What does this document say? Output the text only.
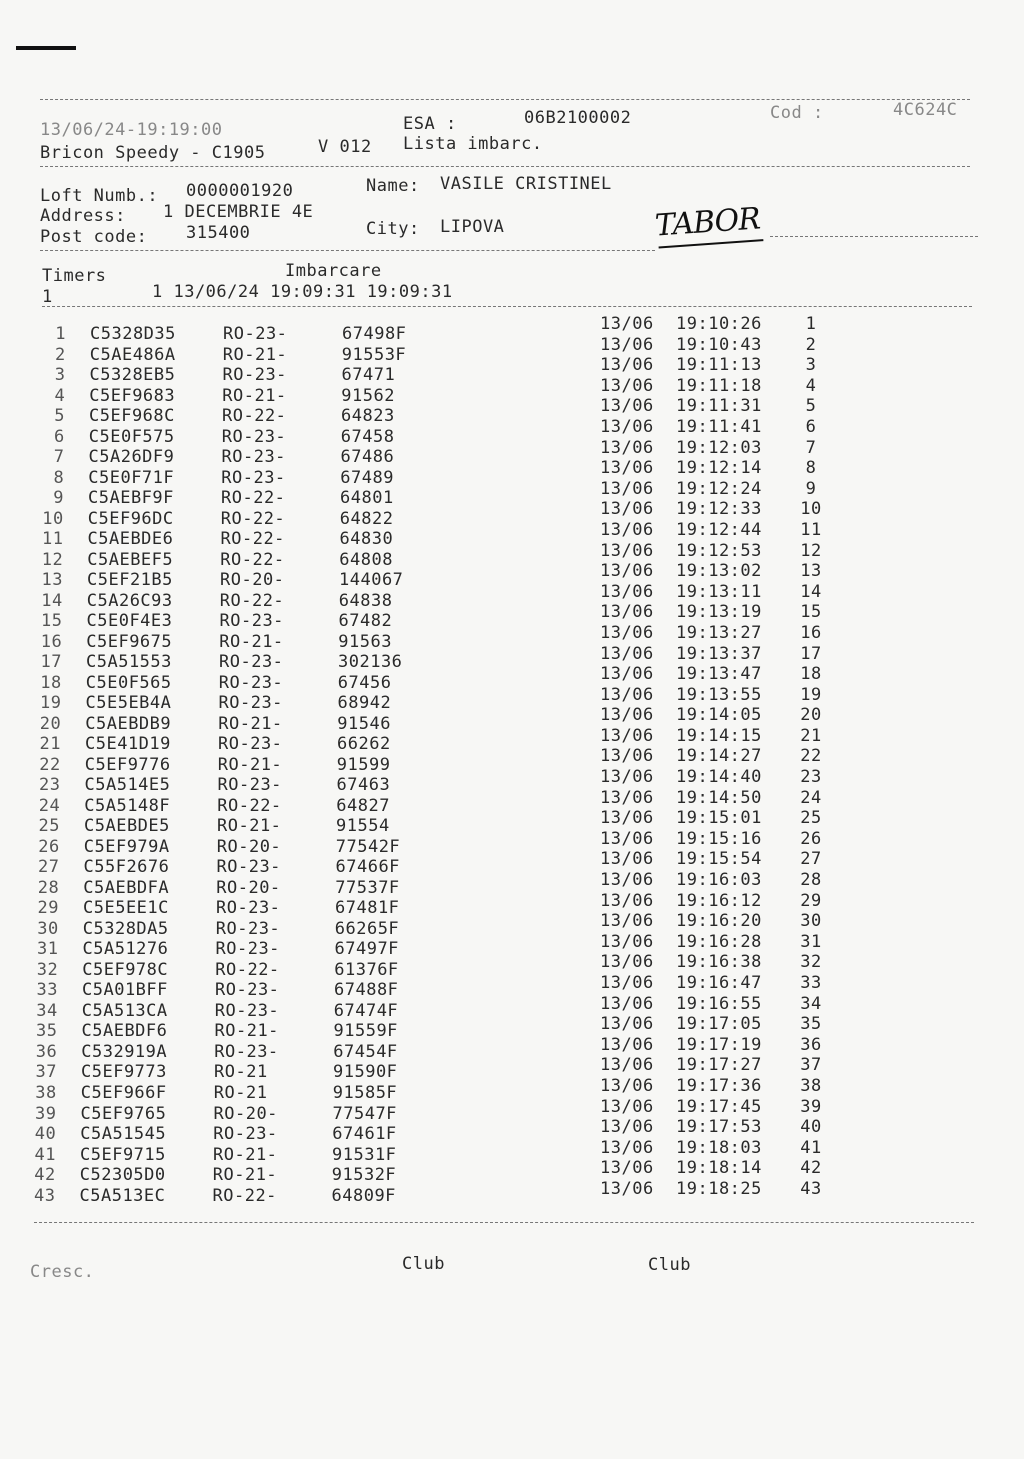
13/06/24-19:19:00	ESA :	06B2100002	Cod :	4C624C
Bricon Speedy - C1905	V 012 Lista imbarc.
Loft Numb.: 0000001920	Name: VASILE CRISTINEL
Address: 1 DECEMBRIE 4E
Post code: 315400	City: LIPOVA	TABOR
Timers	Imbarcare
1	1 13/06/24 19:09:31 19:09:31
1 C5328D35	RO-23-	67498F	13/06 19:10:26	1
2 C5AE486A	RO-21-	91553F	13/06 19:10:43	2
3 C5328EB5	RO-23-	67471	13/06 19:11:13	3
4 C5EF9683	RO-21-	91562	13/06 19:11:18	4
5 C5EF968C	RO-22-	64823	13/06 19:11:31	5
6 C5E0F575	RO-23-	67458	13/06 19:11:41	6
7 C5A26DF9	RO-23-	67486	13/06 19:12:03	7
8 C5E0F71F	RO-23-	67489	13/06 19:12:14	8
9 C5AEBF9F	RO-22-	64801	13/06 19:12:24	9
10 C5EF96DC	RO-22-	64822	13/06 19:12:33 10
11 C5AEBDE6	RO-22-	64830	13/06 19:12:44 11
12 C5AEBEF5	RO-22-	64808	13/06 19:12:53 12
13 C5EF21B5	RO-20-	144067	13/06 19:13:02 13
14 C5A26C93	RO-22-	64838	13/06 19:13:11 14
15 C5E0F4E3	RO-23-	67482	13/06 19:13:19 15
16 C5EF9675	RO-21-	91563	13/06 19:13:27 16
17 C5A51553	RO-23-	302136	13/06 19:13:37 17
18 C5E0F565	RO-23-	67456	13/06 19:13:47 18
19 C5E5EB4A	RO-23-	68942	13/06 19:13:55 19
20 C5AEBDB9	RO-21-	91546	13/06 19:14:05 20
21 C5E41D19	RO-23-	66262	13/06 19:14:15 21
22 C5EF9776	RO-21-	91599	13/06 19:14:27 22
23 C5A514E5	RO-23-	67463	13/06 19:14:40 23
24 C5A5148F	RO-22-	64827	13/06 19:14:50 24
25 C5AEBDE5	RO-21-	91554	13/06 19:15:01 25
26 C5EF979A	RO-20-	77542F	13/06 19:15:16 26
27 C55F2676	RO-23-	67466F	13/06 19:15:54 27
28 C5AEBDFA	RO-20-	77537F	13/06 19:16:03 28
29 C5E5EE1C	RO-23-	67481F	13/06 19:16:12 29
30 C5328DA5	RO-23-	66265F	13/06 19:16:20 30
31 C5A51276	RO-23-	67497F	13/06 19:16:28 31
32 C5EF978C	RO-22-	61376F	13/06 19:16:38 32
33 C5A01BFF	RO-23-	67488F	13/06 19:16:47 33
34 C5A513CA	RO-23-	67474F	13/06 19:16:55 34
35 C5AEBDF6	RO-21-	91559F	13/06 19:17:05 35
36 C532919A	RO-23-	67454F	13/06 19:17:19 36
37 C5EF9773	RO-21	91590F	13/06 19:17:27 37
38 C5EF966F	RO-21	91585F	13/06 19:17:36 38
39 C5EF9765	RO-20-	77547F	13/06 19:17:45 39
40 C5A51545	RO-23-	67461F	13/06 19:17:53 40
41 C5EF9715	RO-21-	91531F	13/06 19:18:03 41
42 C52305D0	RO-21-	91532F	13/06 19:18:14 42
43 C5A513EC	RO-22-	64809F	13/06 19:18:25 43
Cresc.	Club	Club
